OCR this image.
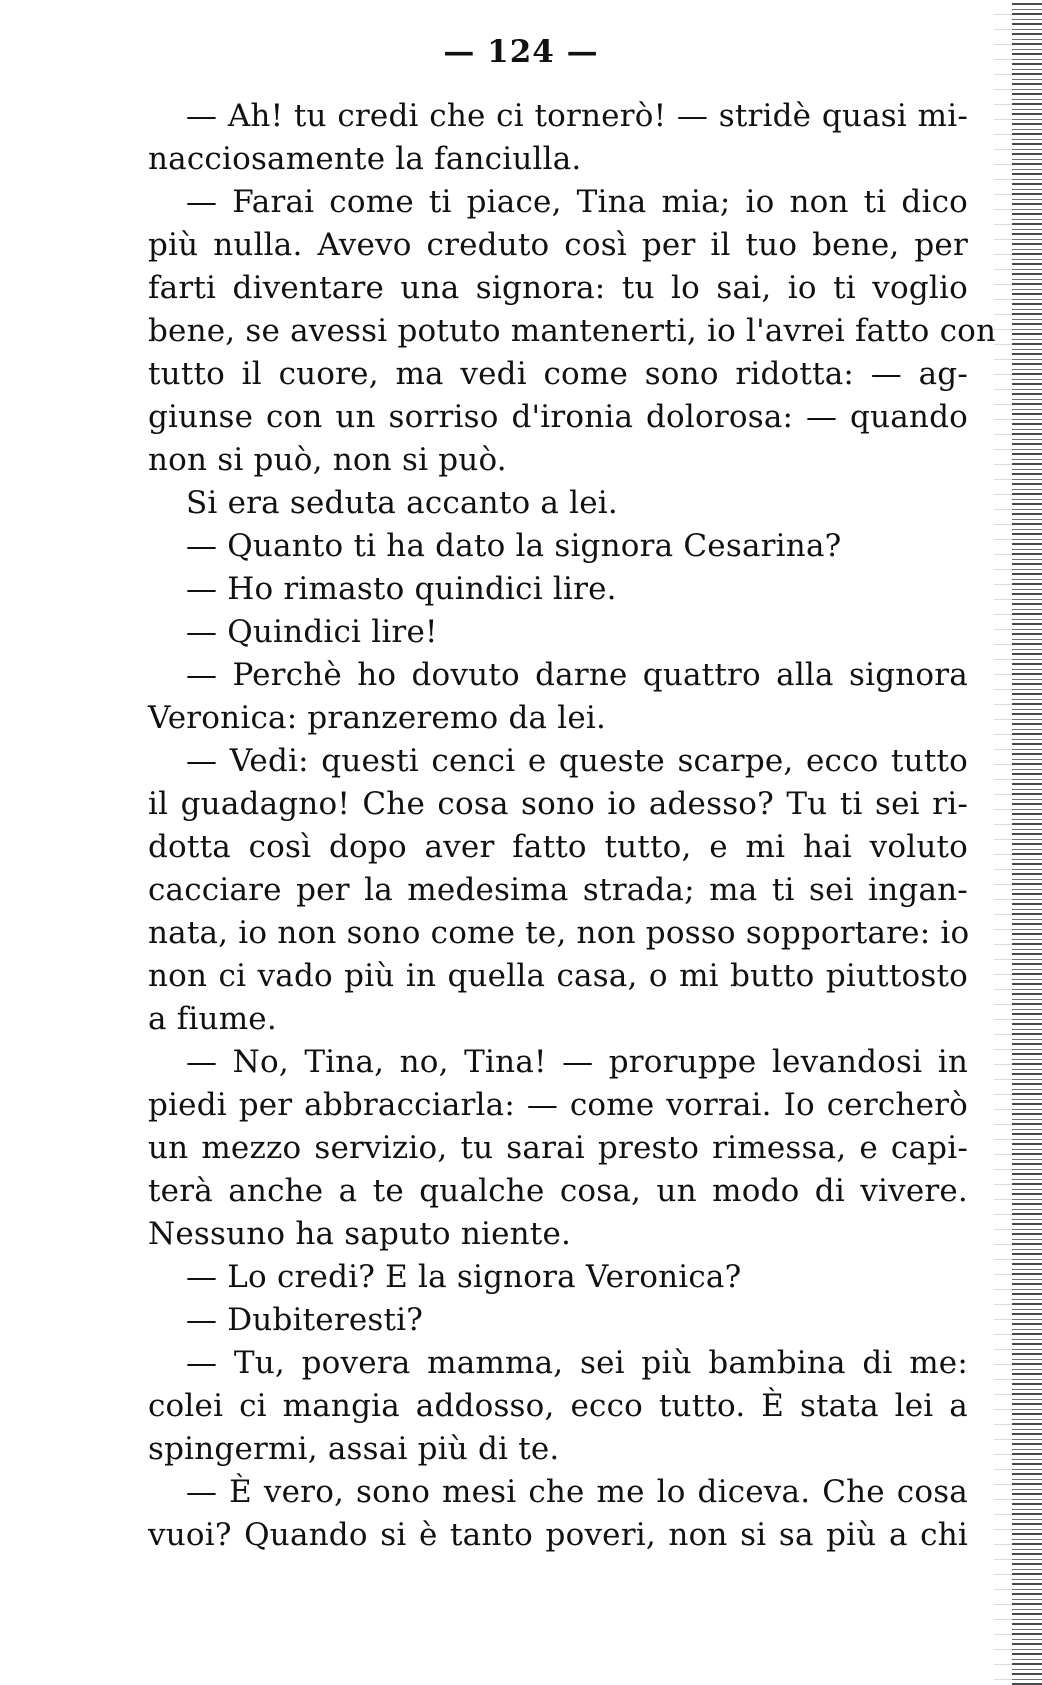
— 124 —
— Ah! tu credi che ci tornerò! — stridè quasi mi-
nacciosamente la fanciulla.
— Farai come ti piace, Tina mia; io non ti dico
più nulla. Avevo creduto così per il tuo bene, per
farti diventare una signora: tu lo sai, io ti voglio
bene, se avessi potuto mantenerti, io l'avrei fatto con
tutto il cuore, ma vedi come sono ridotta: — ag-
giunse con un sorriso d'ironia dolorosa: — quando
non si può, non si può.
Si era seduta accanto a lei.
— Quanto ti ha dato la signora Cesarina?
— Ho rimasto quindici lire.
— Quindici lire!
— Perchè ho dovuto darne quattro alla signora
Veronica: pranzeremo da lei.
— Vedi: questi cenci e queste scarpe, ecco tutto
il guadagno! Che cosa sono io adesso? Tu ti sei ri-
dotta così dopo aver fatto tutto, e mi hai voluto
cacciare per la medesima strada; ma ti sei ingan-
nata, io non sono come te, non posso sopportare: io
non ci vado più in quella casa, o mi butto piuttosto
a fiume.
— No, Tina, no, Tina! — proruppe levandosi in
piedi per abbracciarla: — come vorrai. Io cercherò
un mezzo servizio, tu sarai presto rimessa, e capi-
terà anche a te qualche cosa, un modo di vivere.
Nessuno ha saputo niente.
— Lo credi? E la signora Veronica?
— Dubiteresti?
— Tu, povera mamma, sei più bambina di me:
colei ci mangia addosso, ecco tutto. È stata lei a
spingermi, assai più di te.
— È vero, sono mesi che me lo diceva. Che cosa
vuoi? Quando si è tanto poveri, non si sa più a chi
